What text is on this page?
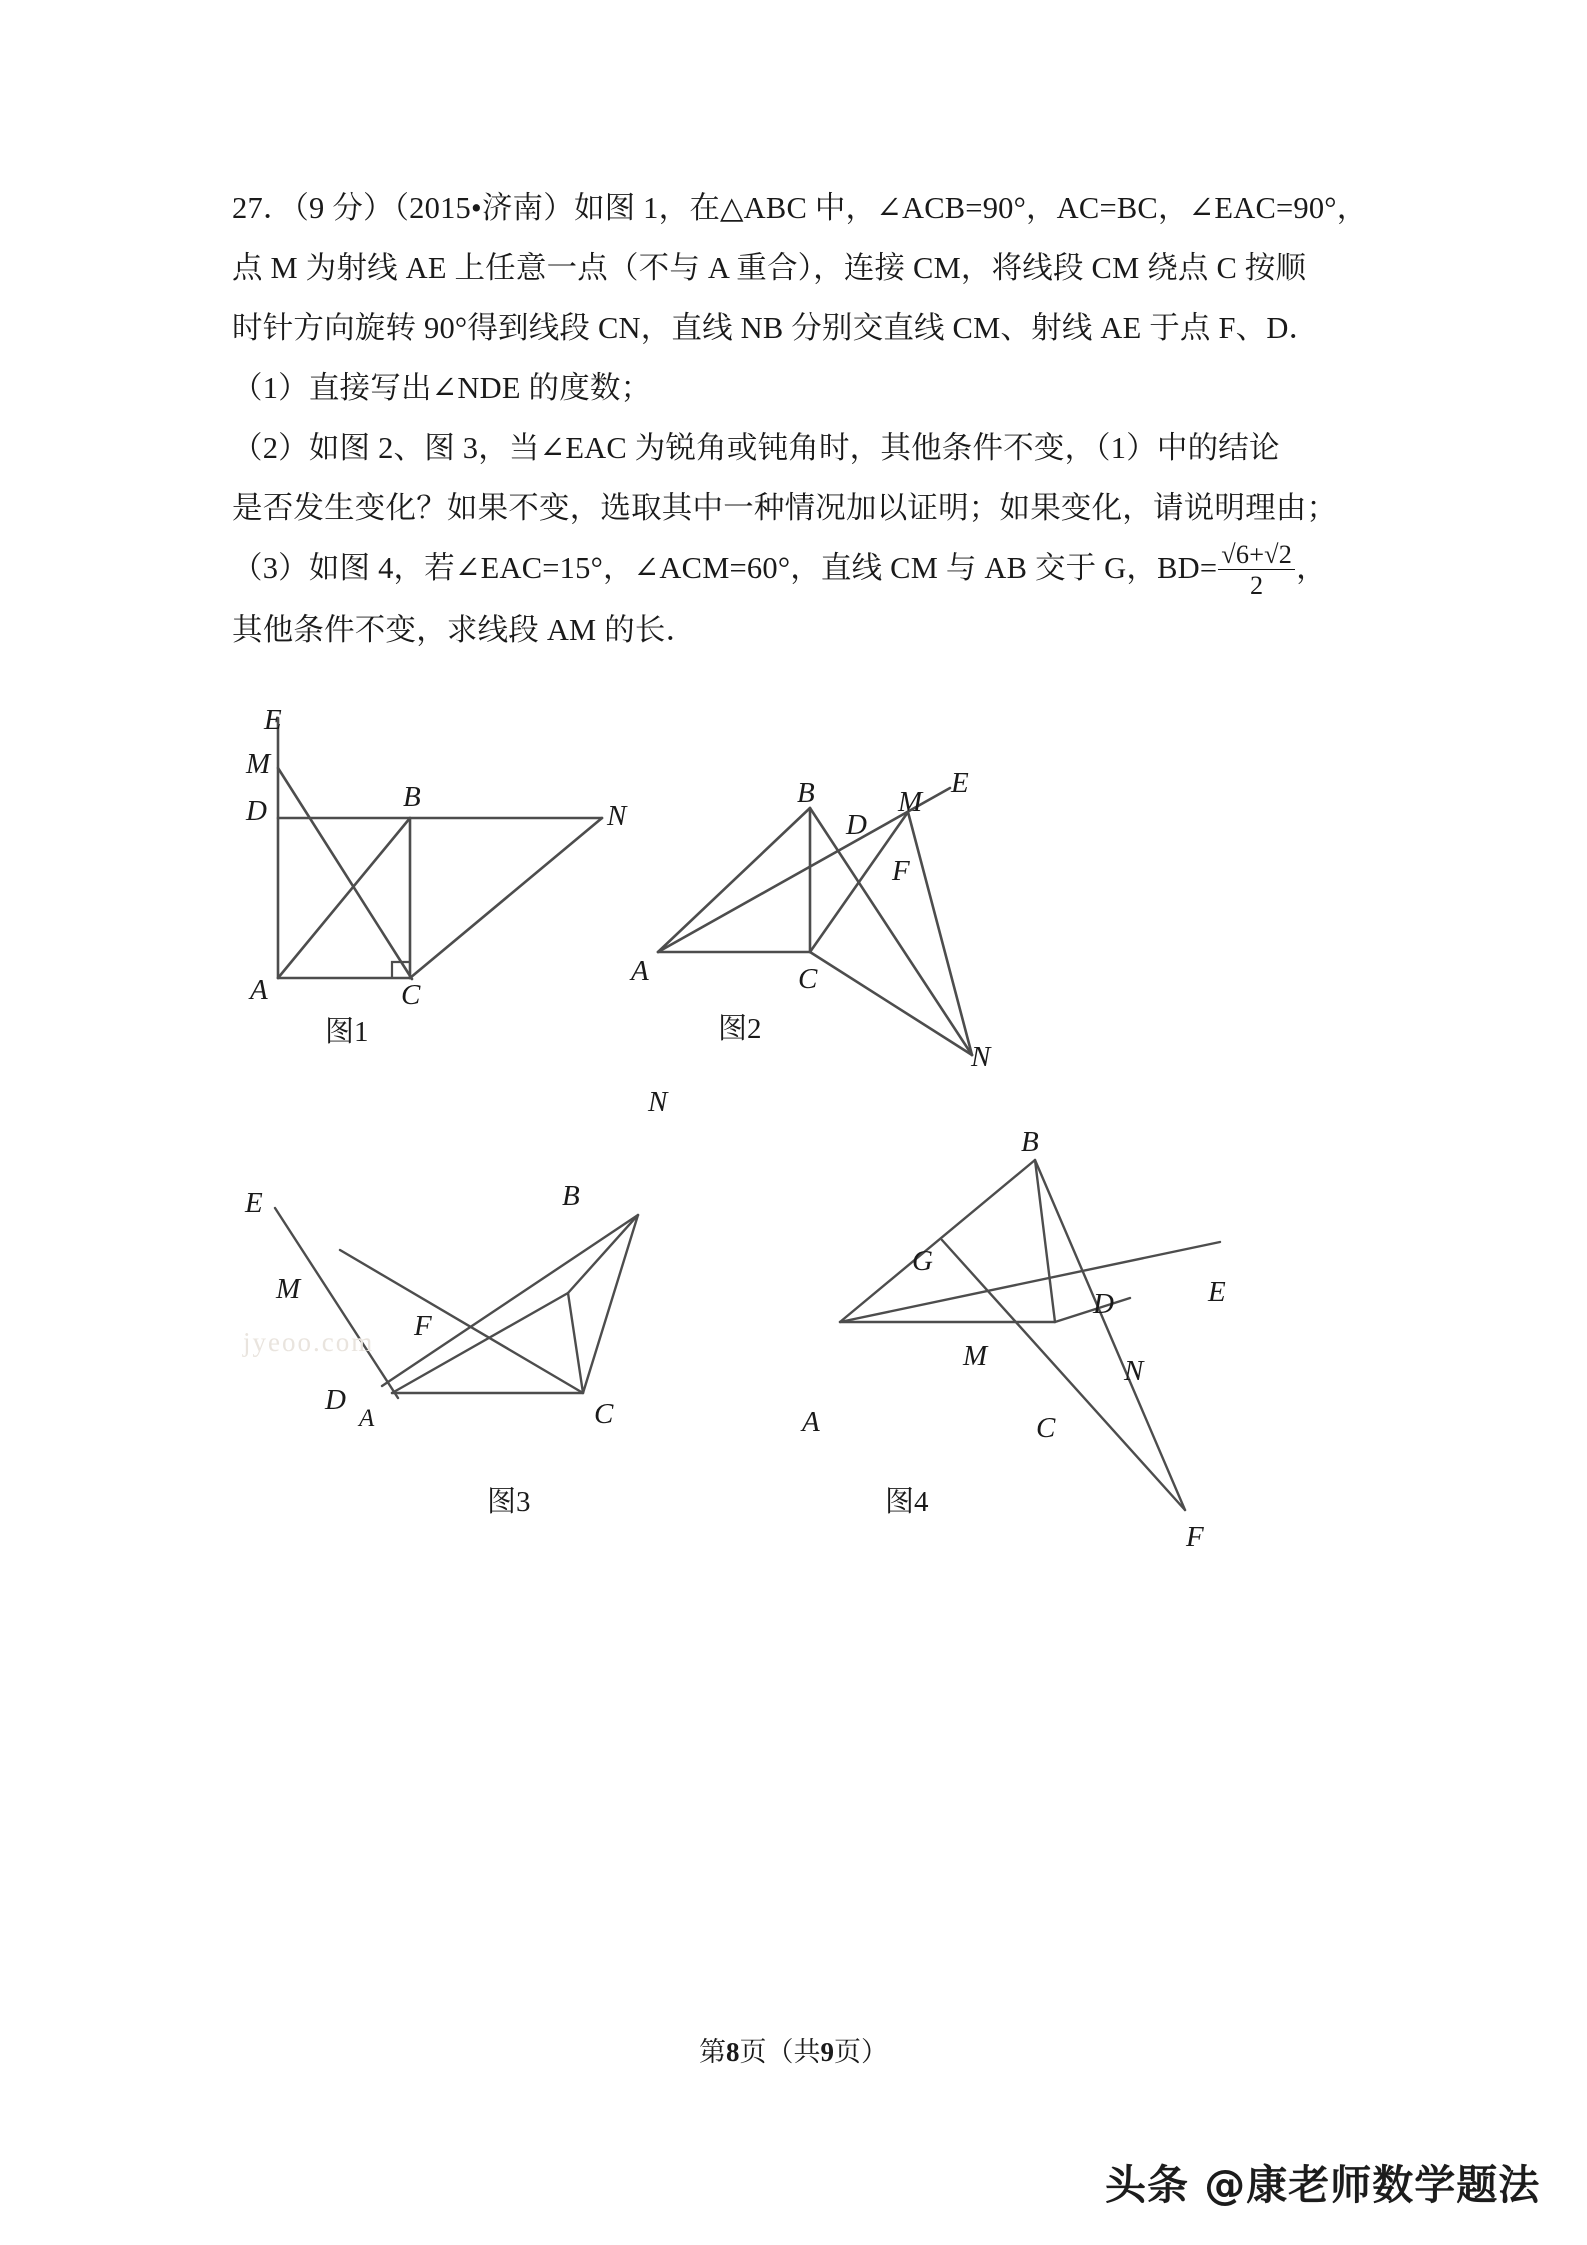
27．（9 分）（2015•济南）如图 1，在△ABC 中，∠ACB=90°，AC=BC，∠EAC=90°，
点 M 为射线 AE 上任意一点（不与 A 重合），连接 CM，将线段 CM 绕点 C 按顺
时针方向旋转 90°得到线段 CN，直线 NB 分别交直线 CM、射线 AE 于点 F、D．
（1）直接写出∠NDE 的度数；
（2）如图 2、图 3，当∠EAC 为锐角或钝角时，其他条件不变，（1）中的结论
是否发生变化？如果不变，选取其中一种情况加以证明；如果变化，请说明理由；
（3）如图 4，若∠EAC=15°，∠ACM=60°，直线 CM 与 AB 交于 G，$BD= \frac{√6+√2}{2}$ ，
其他条件不变，求线段 AM 的长．
E
M
D	B
N
A	C
图1
B
D
M
E
F
A	C
N
图2
N
E	B
M
F
D
A	C
图3
B
G
D	E
M	N
A	C
F
图4
jyeoo.com
第8页（共9页）
头条 @康老师数学题法
